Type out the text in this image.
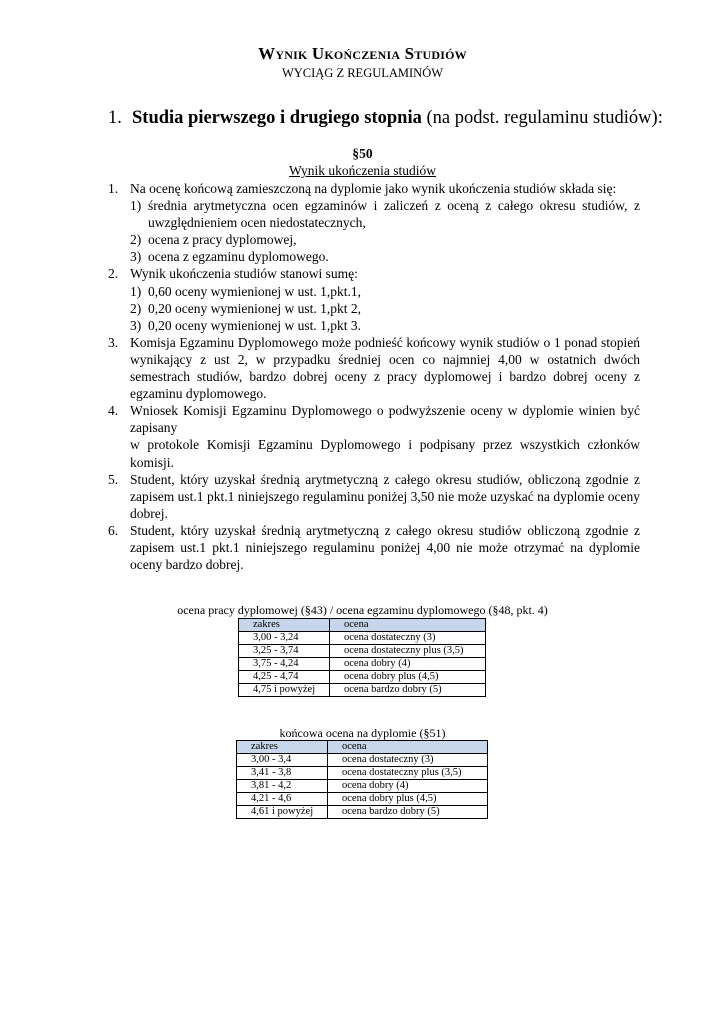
Wynik Ukończenia Studiów
WYCIĄG Z REGULAMINÓW
1. Studia pierwszego i drugiego stopnia (na podst. regulaminu studiów):
§50
Wynik ukończenia studiów
1. Na ocenę końcową zamieszczoną na dyplomie jako wynik ukończenia studiów składa się:
1) średnia arytmetyczna ocen egzaminów i zaliczeń z oceną z całego okresu studiów, z uwzględnieniem ocen niedostatecznych,
2) ocena z pracy dyplomowej,
3) ocena z egzaminu dyplomowego.
2. Wynik ukończenia studiów stanowi sumę:
1) 0,60 oceny wymienionej w ust. 1,pkt.1,
2) 0,20 oceny wymienionej w ust. 1,pkt 2,
3) 0,20 oceny wymienionej w ust. 1,pkt 3.
3. Komisja Egzaminu Dyplomowego może podnieść końcowy wynik studiów o 1 ponad stopień wynikający z ust 2, w przypadku średniej ocen co najmniej 4,00 w ostatnich dwóch semestrach studiów, bardzo dobrej oceny z pracy dyplomowej i bardzo dobrej oceny z egzaminu dyplomowego.
4. Wniosek Komisji Egzaminu Dyplomowego o podwyższenie oceny w dyplomie winien być zapisany
w protokole Komisji Egzaminu Dyplomowego i podpisany przez wszystkich członków komisji.
5. Student, który uzyskał średnią arytmetyczną z całego okresu studiów, obliczoną zgodnie z zapisem ust.1 pkt.1 niniejszego regulaminu poniżej 3,50 nie może uzyskać na dyplomie oceny dobrej.
6. Student, który uzyskał średnią arytmetyczną z całego okresu studiów obliczoną zgodnie z zapisem ust.1 pkt.1 niniejszego regulaminu poniżej 4,00 nie może otrzymać na dyplomie oceny bardzo dobrej.
ocena pracy dyplomowej (§43) / ocena egzaminu dyplomowego (§48, pkt. 4)
zakres	ocena
3,00 - 3,24	ocena dostateczny (3)
3,25 - 3,74	ocena dostateczny plus (3,5)
3,75 - 4,24	ocena dobry (4)
4,25 - 4,74	ocena dobry plus (4,5)
4,75 i powyżej	ocena bardzo dobry (5)
końcowa ocena na dyplomie (§51)
zakres	ocena
3,00 - 3,4	ocena dostateczny (3)
3,41 - 3,8	ocena dostateczny plus (3,5)
3,81 - 4,2	ocena dobry (4)
4,21 - 4,6	ocena dobry plus (4,5)
4,61 i powyżej	ocena bardzo dobry (5)
